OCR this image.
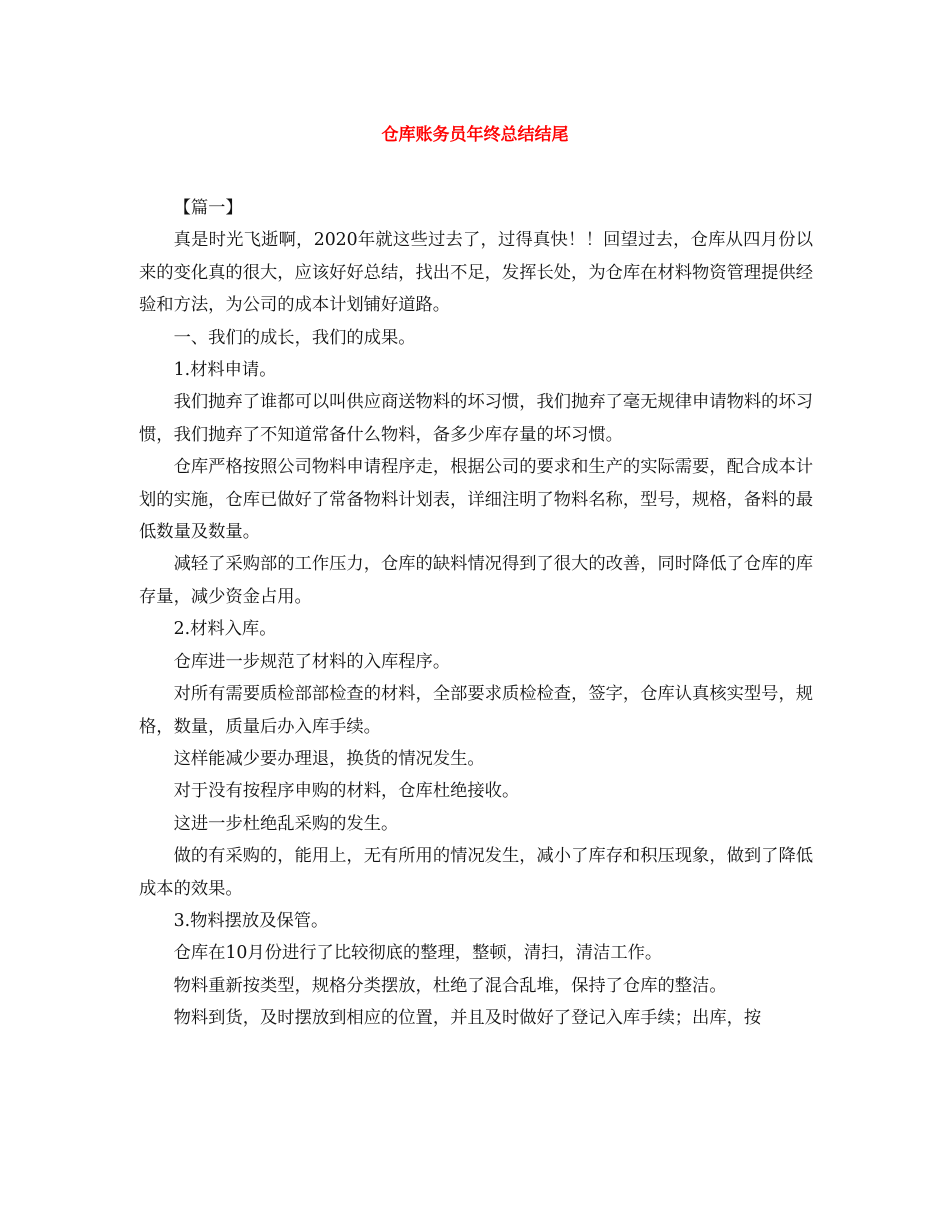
仓库账务员年终总结结尾

【篇一】

真是时光飞逝啊，2020年就这些过去了，过得真快！！回望过去，仓库从四月份以来的变化真的很大，应该好好总结，找出不足，发挥长处，为仓库在材料物资管理提供经验和方法，为公司的成本计划铺好道路。

一、我们的成长，我们的成果。

1.材料申请。

我们抛弃了谁都可以叫供应商送物料的坏习惯，我们抛弃了毫无规律申请物料的坏习惯，我们抛弃了不知道常备什么物料，备多少库存量的坏习惯。

仓库严格按照公司物料申请程序走，根据公司的要求和生产的实际需要，配合成本计划的实施，仓库已做好了常备物料计划表，详细注明了物料名称，型号，规格，备料的最低数量及数量。

减轻了采购部的工作压力，仓库的缺料情况得到了很大的改善，同时降低了仓库的库存量，减少资金占用。

2.材料入库。

仓库进一步规范了材料的入库程序。

对所有需要质检部部检查的材料，全部要求质检检查，签字，仓库认真核实型号，规格，数量，质量后办入库手续。

这样能减少要办理退，换货的情况发生。

对于没有按程序申购的材料，仓库杜绝接收。

这进一步杜绝乱采购的发生。

做的有采购的，能用上，无有所用的情况发生，减小了库存和积压现象，做到了降低成本的效果。

3.物料摆放及保管。

仓库在10月份进行了比较彻底的整理，整顿，清扫，清洁工作。

物料重新按类型，规格分类摆放，杜绝了混合乱堆，保持了仓库的整洁。

物料到货，及时摆放到相应的位置，并且及时做好了登记入库手续；出库，按
